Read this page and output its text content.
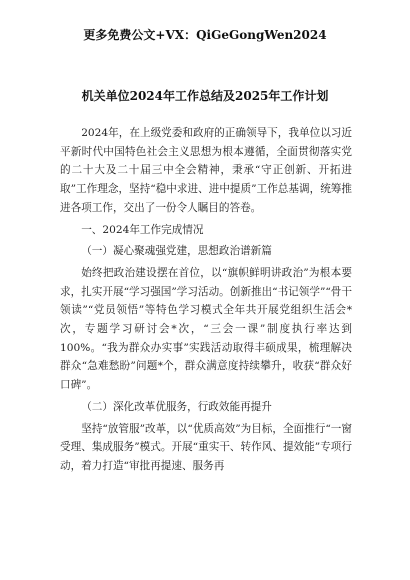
更多免费公文+VX：QiGeGongWen2024
机关单位2024年工作总结及2025年工作计划

2024年，在上级党委和政府的正确领导下，我单位以习近平新时代中国特色社会主义思想为根本遵循，全面贯彻落实党的二十大及二十届三中全会精神，秉承“守正创新、开拓进取”工作理念，坚持“稳中求进、进中提质”工作总基调，统筹推进各项工作，交出了一份令人瞩目的答卷。

一、2024年工作完成情况

（一）凝心聚魂强党建，思想政治谱新篇

始终把政治建设摆在首位，以“旗帜鲜明讲政治”为根本要求，扎实开展“学习强国”学习活动。创新推出“书记领学”“骨干领读”“党员领悟”等特色学习模式全年共开展党组织生活会*次，专题学习研讨会*次，“三会一课”制度执行率达到100%。“我为群众办实事”实践活动取得丰硕成果，梳理解决群众“急难愁盼”问题*个，群众满意度持续攀升，收获“群众好口碑”。

（二）深化改革优服务，行政效能再提升

坚持“放管服”改革，以“优质高效”为目标，全面推行“一窗受理、集成服务”模式。开展“重实干、转作风、提效能”专项行动，着力打造“审批再提速、服务再
